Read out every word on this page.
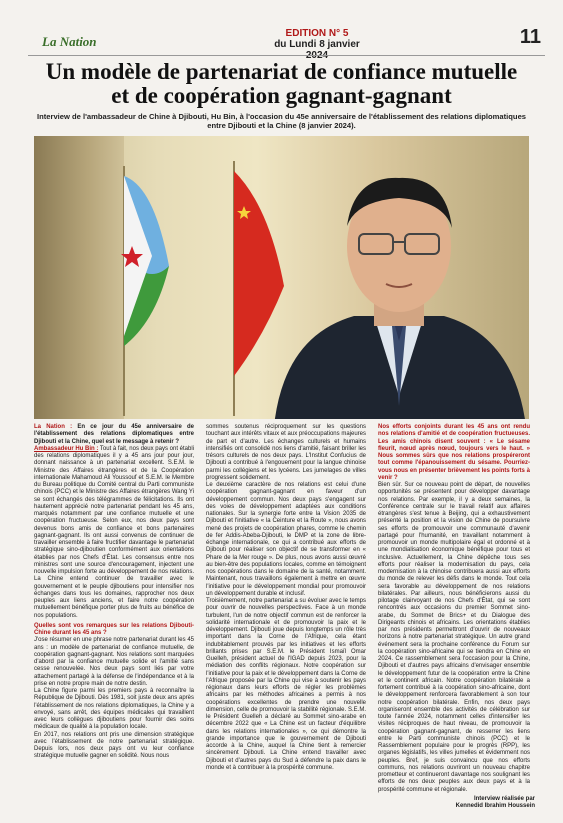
La Nation
EDITION N° 5
du Lundi 8 janvier	11
Un modèle de partenariat de confiance mutuelle
et de coopération gagnant-gagnant
Interview de l'ambassadeur de Chine à Djibouti, Hu Bin, à l'occasion du 45e anniversaire de l'établissement des relations diplomatiques entre Djibouti et la Chine (8 janvier 2024).

La Nation : En ce jour du 45e anniversaire de l'établissement des relations diplomatiques entre Djibouti et la Chine, quel est le message à retenir ?

Ambassadeur Hu Bin : Tout à fait, nos deux pays ont établi des relations diplomatiques il y a 45 ans jour pour jour, donnant naissance à un partenariat excellent. S.E.M. le Ministre des Affaires étrangères et de la Coopération internationale Mahamoud Ali Youssouf et S.E.M. le Membre du Bureau politique du Comité central du Parti communiste chinois (PCC) et le Ministre des Affaires étrangères Wang Yi se sont échangés des télégrammes de félicitations. Ils ont hautement apprécié notre partenariat pendant les 45 ans, marqués notamment par une confiance mutuelle et une coopération fructueuse. Selon eux, nos deux pays sont devenus bons amis de confiance et bons partenaires gagnant-gagnant. Ils ont aussi convenus de continuer de travailler ensemble à faire fructifier davantage le partenariat stratégique sino-djiboutien conformément aux orientations établies par nos Chefs d'État. Les consensus entre nos ministres sont une source d'encouragement, injectent une nouvelle impulsion forte au développement de nos relations. La Chine entend continuer de travailler avec le gouvernement et le peuple djiboutiens pour intensifier nos échanges dans tous les domaines, rapprocher nos deux peuples aux liens anciens, et faire notre coopération mutuellement bénéfique porter plus de fruits au bénéfice de nos populations.

Quelles sont vos remarques sur les relations Djibouti-Chine durant les 45 ans ?

J'ose résumer en une phrase notre partenariat durant les 45 ans : un modèle de partenariat de confiance mutuelle, de coopération gagnant-gagnant. Nos relations sont marquées d'abord par la confiance mutuelle solide et l'amitié sans cesse renouvelée. Nos deux pays sont liés par votre attachement partagé à la défense de l'indépendance et à la prise en notre propre main de notre destin.

La Chine figure parmi les premiers pays à reconnaître la République de Djibouti. Dès 1981, soit juste deux ans après l'établissement de nos relations diplomatiques, la Chine y a envoyé, sans arrêt, des équipes médicales qui travaillent avec leurs collègues djiboutiens pour fournir des soins médicaux de qualité à la population locale.

En 2017, nos relations ont pris une dimension stratégique avec l'établissement de notre partenariat stratégique. Depuis lors, nos deux pays ont vu leur confiance stratégique mutuelle gagner en solidité. Nous nous

sommes soutenus réciproquement sur les questions touchant aux intérêts vitaux et aux préoccupations majeures de part et d'autre. Les échanges culturels et humains intensifiés ont consolidé nos liens d'amitié, faisant briller les trésors culturels de nos deux pays. L'Institut Confucius de Djibouti a contribué à l'engouement pour la langue chinoise parmi les collégiens et les lycéens. Les jumelages de villes progressent solidement.

Le deuxième caractère de nos relations est celui d'une coopération gagnant-gagnant en faveur d'un développement commun. Nos deux pays s'engagent sur des voies de développement adaptées aux conditions nationales. Sur la synergie forte entre la Vision 2035 de Djibouti et l'initiative « la Ceinture et la Route », nous avons mené des projets de coopération phares, comme le chemin de fer Addis-Abeba-Djibouti, le DMP et la zone de libre-échange internationale, ce qui a contribué aux efforts de Djibouti pour réaliser son objectif de se transformer en « Phare de la Mer rouge ». De plus, nous avons aussi œuvré au bien-être des populations locales, comme en témoignent nos coopérations dans le domaine de la santé, notamment. Maintenant, nous travaillons également à mettre en œuvre l'initiative pour le développement mondial pour promouvoir un développement durable et inclusif.

Troisièmement, notre partenariat a su évoluer avec le temps pour ouvrir de nouvelles perspectives. Face à un monde turbulent, l'un de notre objectif commun est de renforcer la solidarité internationale et de promouvoir la paix et le développement. Djibouti joue depuis longtemps un rôle très important dans la Corne de l'Afrique, cela étant indubitablement prouvés par les initiatives et les efforts brillants prises par S.E.M. le Président Ismaïl Omar Guelleh, président actuel de l'IGAD depuis 2023, pour la médiation des conflits régionaux. Notre coopération sur l'initiative pour la paix et le développement dans la Corne de l'Afrique proposée par la Chine qui vise à soutenir les pays régionaux dans leurs efforts de régler les problèmes africains par les méthodes africaines a permis à nos coopérations excellentes de prendre une nouvelle dimension, celle de promouvoir la stabilité régionale. S.E.M. le Président Guelleh a déclaré au Sommet sino-arabe en décembre 2022 que « La Chine est un facteur d'équilibre dans les relations internationales », ce qui démontre la grande importance que le gouvernement de Djibouti accorde à la Chine, auquel la Chine tient à remercier sincèrement Djibouti. La Chine entend travailler avec Djibouti et d'autres pays du Sud à défendre la paix dans le monde et à contribuer à la prospérité commune.

Nos efforts conjoints durant les 45 ans ont rendu nos relations d'amitié et de coopération fructueuses. Les amis chinois disent souvent : « Le sésame fleurit, nœud après nœud, toujours vers le haut. » Nous sommes sûrs que nos relations prospéreront tout comme l'épanouissement du sésame. Pourriez-vous nous en présenter brièvement les points forts à venir ?

Bien sûr. Sur ce nouveau point de départ, de nouvelles opportunités se présentent pour développer davantage nos relations. Par exemple, il y a deux semaines, la Conférence centrale sur le travail relatif aux affaires étrangères s'est tenue à Beijing, qui a exhaustivement présenté la position et la vision de Chine de poursuivre ses efforts de promouvoir une communauté d'avenir partagé pour l'humanité, en travaillant notamment à promouvoir un monde multipolaire égal et ordonné et à une mondialisation économique bénéfique pour tous et inclusive. Actuellement, la Chine dépêche tous ses efforts pour réaliser la modernisation du pays, cela modernisation à la chinoise contribuera aussi aux efforts du monde de relever les défis dans le monde. Tout cela sera favorable au développement de nos relations bilatérales. Par ailleurs, nous bénéficierons aussi du pilotage clairvoyant de nos Chefs d'État, qui se sont rencontrés aux occasions du premier Sommet sino-arabe, du Sommet de Brics+ et du Dialogue des Dirigeants chinois et africains. Les orientations établies par nos présidents permettront d'ouvrir de nouveaux horizons à notre partenariat stratégique. Un autre grand événement sera la prochaine conférence du Forum sur la coopération sino-africaine qui se tiendra en Chine en 2024. Ce rassemblement sera l'occasion pour la Chine, Djibouti et d'autres pays africains d'envisager ensemble le développement futur de la coopération entre la Chine et le continent africain. Notre coopération bilatérale a fortement contribué à la coopération sino-africaine, dont le développement renforcera favorablement à son tour notre coopération bilatérale. Enfin, nos deux pays organiseront ensemble des activités de célébration sur toute l'année 2024, notamment celles d'intensifier les visites réciproques de haut niveau, de promouvoir la coopération gagnant-gagnant, de resserrer les liens entre le Parti communiste chinois (PCC) et le Rassemblement populaire pour le progrès (RPP), les organes législatifs, les villes jumelles et évidemment nos peuples. Bref, je suis convaincu que nos efforts communs, nos relations ouvriront un nouveau chapitre prometteur et continueront davantage nos soulignant les efforts de nos deux peuples aux deux pays et à la prospérité commune et régionale.

Interview réalisée par
Kennedid Ibrahim Houssein
